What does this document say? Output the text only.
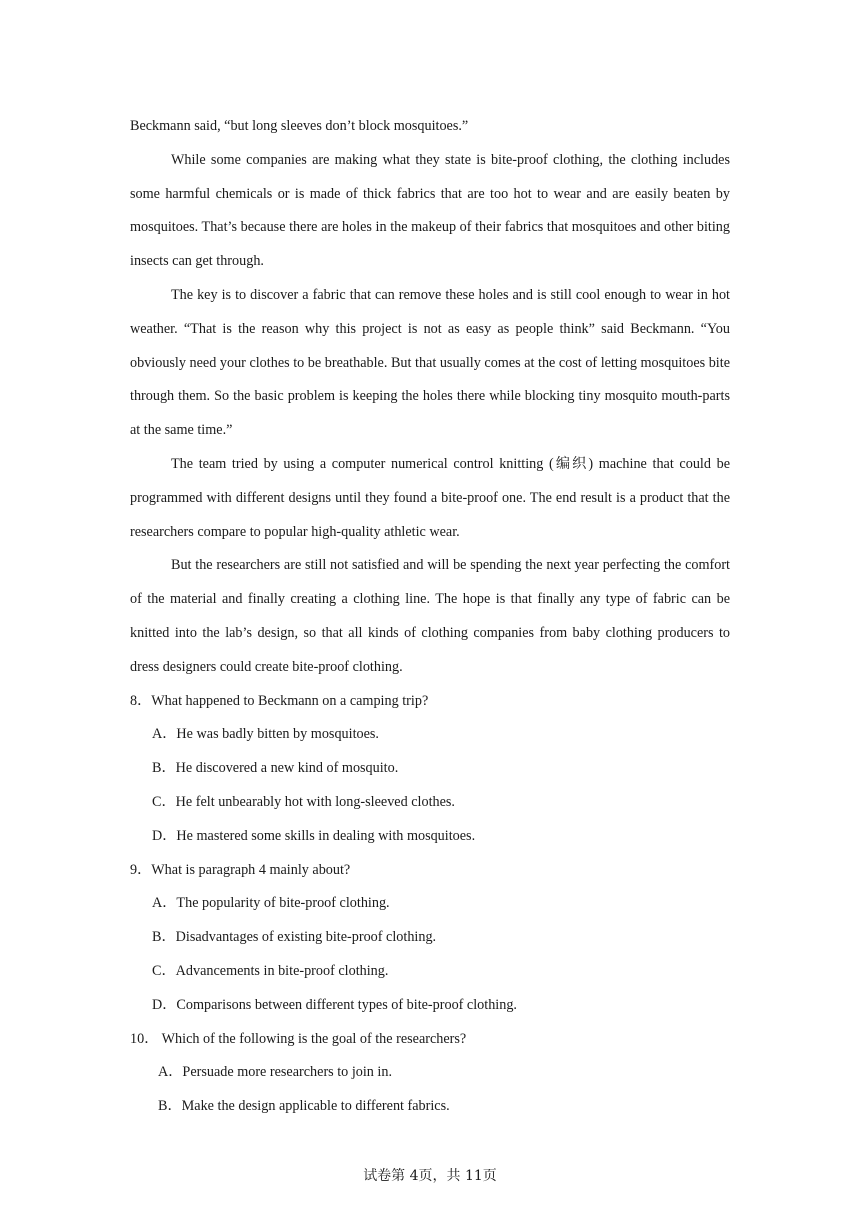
Beckmann said, “but long sleeves don’t block mosquitoes.”

While some companies are making what they state is bite-proof clothing, the clothing includes some harmful chemicals or is made of thick fabrics that are too hot to wear and are easily beaten by mosquitoes. That’s because there are holes in the makeup of their fabrics that mosquitoes and other biting insects can get through.

The key is to discover a fabric that can remove these holes and is still cool enough to wear in hot weather. “That is the reason why this project is not as easy as people think” said Beckmann. “You obviously need your clothes to be breathable. But that usually comes at the cost of letting mosquitoes bite through them. So the basic problem is keeping the holes there while blocking tiny mosquito mouth-parts at the same time.”

The team tried by using a computer numerical control knitting (编织) machine that could be programmed with different designs until they found a bite-proof one. The end result is a product that the researchers compare to popular high-quality athletic wear.

But the researchers are still not satisfied and will be spending the next year perfecting the comfort of the material and finally creating a clothing line. The hope is that finally any type of fabric can be knitted into the lab’s design, so that all kinds of clothing companies from baby clothing producers to dress designers could create bite-proof clothing.

8．What happened to Beckmann on a camping trip?

A．He was badly bitten by mosquitoes.

B．He discovered a new kind of mosquito.

C．He felt unbearably hot with long-sleeved clothes.

D．He mastered some skills in dealing with mosquitoes.

9．What is paragraph 4 mainly about?

A．The popularity of bite-proof clothing.

B．Disadvantages of existing bite-proof clothing.

C．Advancements in bite-proof clothing.

D．Comparisons between different types of bite-proof clothing.

10． Which of the following is the goal of the researchers?

A．Persuade more researchers to join in.

B．Make the design applicable to different fabrics.

试卷第 4页，共 11页
